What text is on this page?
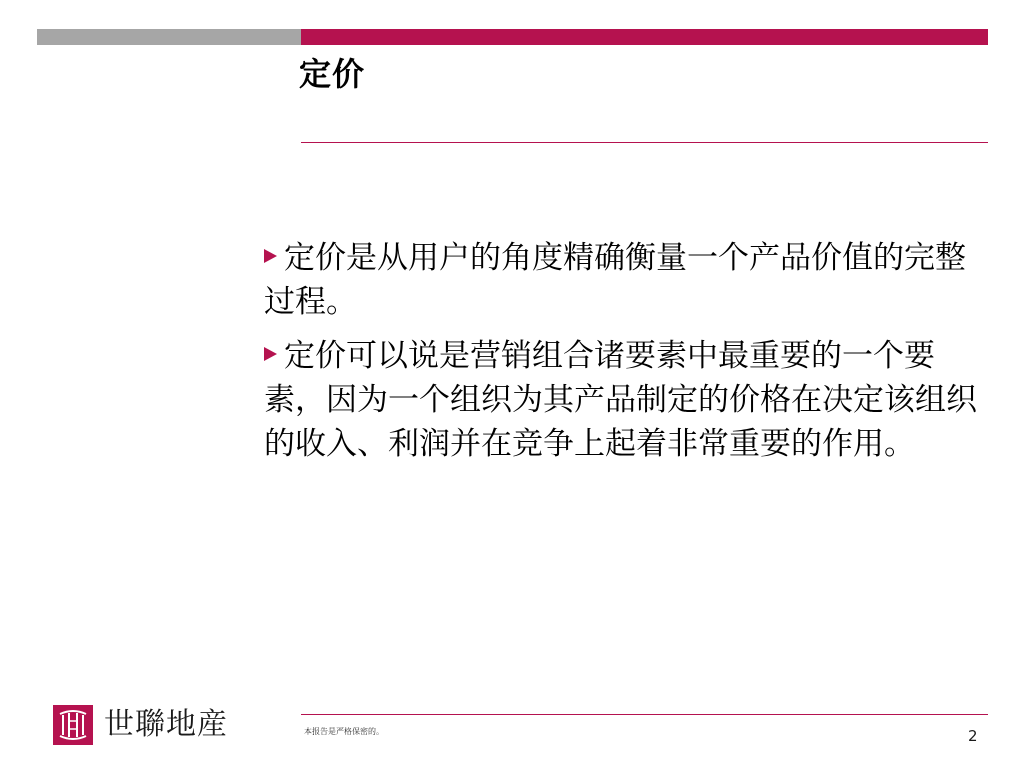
定价
定价是从用户的角度精确衡量一个产品价值的完整过程。
定价可以说是营销组合诸要素中最重要的一个要素，因为一个组织为其产品制定的价格在决定该组织的收入、利润并在竞争上起着非常重要的作用。
世聯地産	本报告是严格保密的。	2
